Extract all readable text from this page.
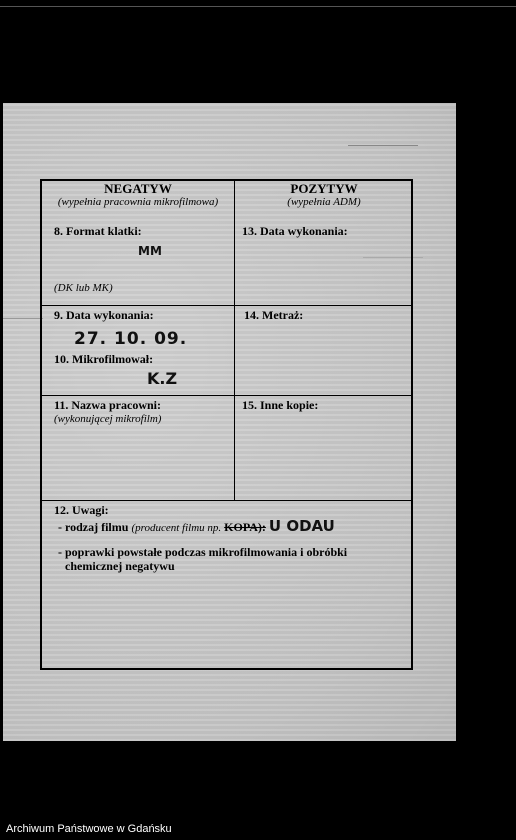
NEGATYW
(wypełnia pracownia mikrofilmowa)
POZYTYW
(wypełnia ADM)
8. Format klatki:
MM
(DK lub MK)
13. Data wykonania:
9. Data wykonania:
27. 10. 09.
10. Mikrofilmował:
K.Z
14. Metraż:
11. Nazwa pracowni:
(wykonującej mikrofilm)
15. Inne kopie:
12. Uwagi:
- rodzaj filmu (producent filmu np. KOPA): U ODAU
- poprawki powstałe podczas mikrofilmowania i obróbki
chemicznej negatywu
Archiwum Państwowe w Gdańsku
